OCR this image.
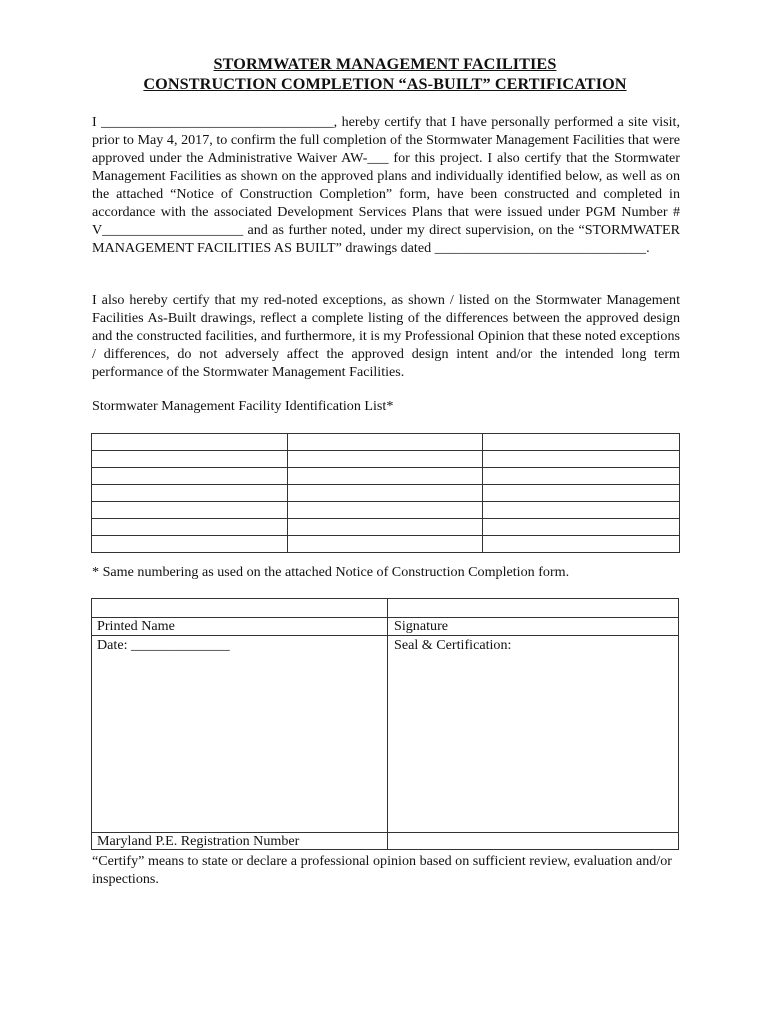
STORMWATER MANAGEMENT FACILITIES
CONSTRUCTION COMPLETION “AS-BUILT” CERTIFICATION

I _________________________________, hereby certify that I have personally performed a site visit, prior to May 4, 2017, to confirm the full completion of the Stormwater Management Facilities that were approved under the Administrative Waiver AW-___ for this project. I also certify that the Stormwater Management Facilities as shown on the approved plans and individually identified below, as well as on the attached “Notice of Construction Completion” form, have been constructed and completed in accordance with the associated Development Services Plans that were issued under PGM Number # V____________________ and as further noted, under my direct supervision, on the “STORMWATER MANAGEMENT FACILITIES AS BUILT” drawings dated ______________________________.

I also hereby certify that my red-noted exceptions, as shown / listed on the Stormwater Management Facilities As-Built drawings, reflect a complete listing of the differences between the approved design and the constructed facilities, and furthermore, it is my Professional Opinion that these noted exceptions / differences, do not adversely affect the approved design intent and/or the intended long term performance of the Stormwater Management Facilities.

Stormwater Management Facility Identification List*

* Same numbering as used on the attached Notice of Construction Completion form.
Printed Name	Signature
Date: ______________	Seal & Certification:
Maryland P.E. Registration Number

“Certify” means to state or declare a professional opinion based on sufficient review, evaluation and/or inspections.
